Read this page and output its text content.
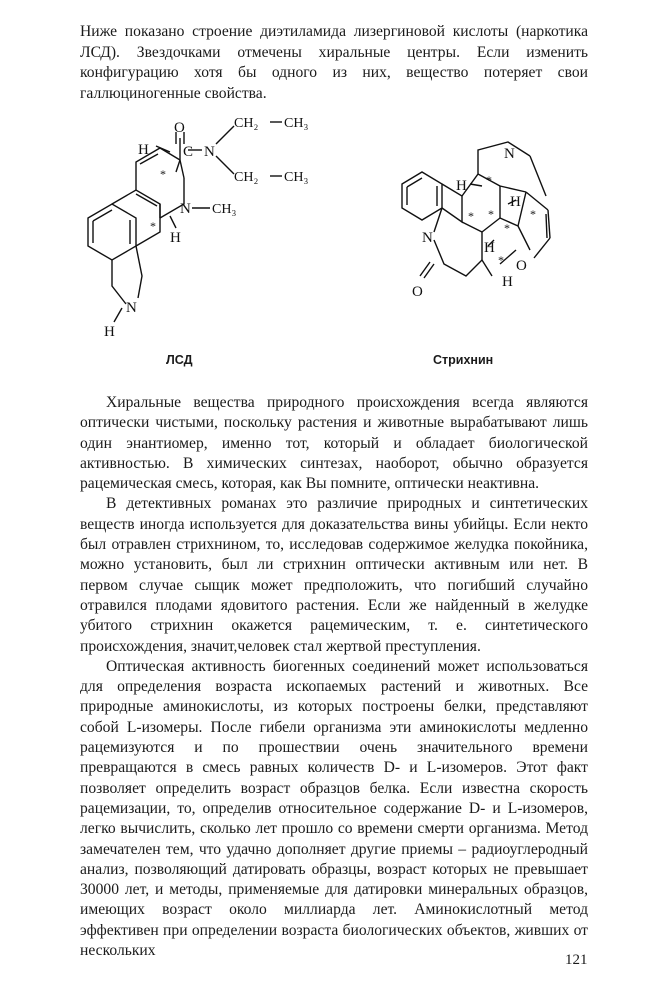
Ниже показано строение диэтиламида лизергиновой кислоты (наркотика ЛСД). Звездочками отмечены хиральные центры. Если изменить конфигурацию хотя бы одного из них, вещество потеряет свои галлюциногенные свойства.

O
C N
H
CH₂ CH₃
CH₂ CH₃
N CH₃
H
N
H
*
*
N
N
O
O
H
H
H
H
*
* *
*
*
*
ЛСД	Стрихнин

Хиральные вещества природного происхождения всегда являются оптически чистыми, поскольку растения и животные вырабатывают лишь один энантиомер, именно тот, который и обладает биологической активностью. В химических синтезах, наоборот, обычно образуется рацемическая смесь, которая, как Вы помните, оптически неактивна.

В детективных романах это различие природных и синтетических веществ иногда используется для доказательства вины убийцы. Если некто был отравлен стрихнином, то, исследовав содержимое желудка покойника, можно установить, был ли стрихнин оптически активным или нет. В первом случае сыщик может предположить, что погибший случайно отравился плодами ядовитого растения. Если же найденный в желудке убитого стрихнин окажется рацемическим, т. е. синтетического происхождения, значит,человек стал жертвой преступления.

Оптическая активность биогенных соединений может использоваться для определения возраста ископаемых растений и животных. Все природные аминокислоты, из которых построены белки, представляют собой L-изомеры. После гибели организма эти аминокислоты медленно рацемизуются и по прошествии очень значительного времени превращаются в смесь равных количеств D- и L-изомеров. Этот факт позволяет определить возраст образцов белка. Если известна скорость рацемизации, то, определив относительное содержание D- и L-изомеров, легко вычислить, сколько лет прошло со времени смерти организма. Метод замечателен тем, что удачно дополняет другие приемы – радиоуглеродный анализ, позволяющий датировать образцы, возраст которых не превышает 30000 лет, и методы, применяемые для датировки минеральных образцов, имеющих возраст около миллиарда лет. Аминокислотный метод эффективен при определении возраста биологических объектов, живших от нескольких

121
